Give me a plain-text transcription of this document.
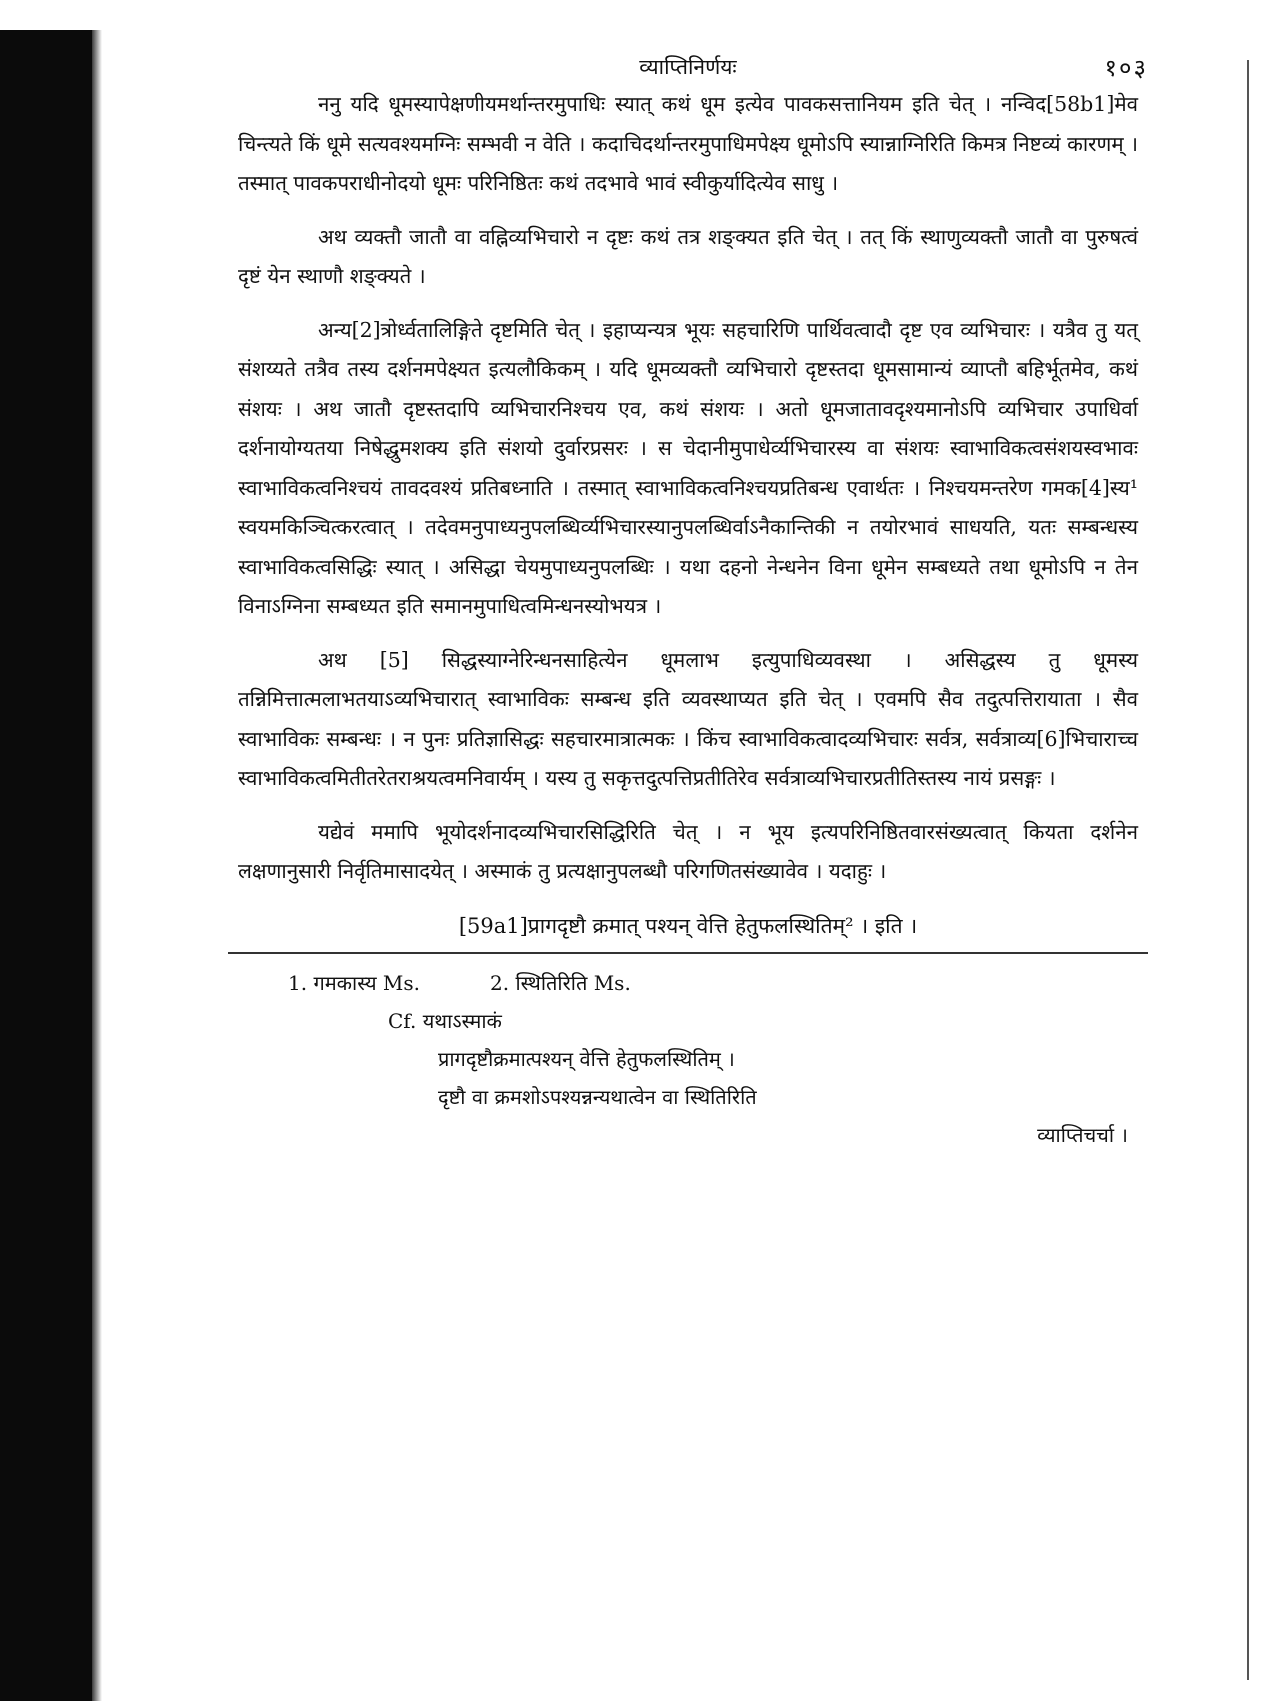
व्याप्तिनिर्णयः	१०३

ननु यदि धूमस्यापेक्षणीयमर्थान्तरमुपाधिः स्यात् कथं धूम इत्येव पावकसत्तानियम इति चेत् । नन्विद[58b1]मेव चिन्त्यते किं धूमे सत्यवश्यमग्निः सम्भवी न वेति । कदाचिदर्थान्तरमुपाधिमपेक्ष्य धूमोऽपि स्यान्नाग्निरिति किमत्र निष्टव्यं कारणम् । तस्मात् पावकपराधीनोदयो धूमः परिनिष्ठितः कथं तदभावे भावं स्वीकुर्यादित्येव साधु ।

अथ व्यक्तौ जातौ वा वह्निव्यभिचारो न दृष्टः कथं तत्र शङ्क्यत इति चेत् । तत् किं स्थाणुव्यक्तौ जातौ वा पुरुषत्वं दृष्टं येन स्थाणौ शङ्क्यते ।

अन्य[2]त्रोर्ध्वतालिङ्गिते दृष्टमिति चेत् । इहाप्यन्यत्र भूयः सहचारिणि पार्थिवत्वादौ दृष्ट एव व्यभिचारः । यत्रैव तु यत् संशय्यते तत्रैव तस्य दर्शनमपेक्ष्यत इत्यलौकिकम् । यदि धूमव्यक्तौ व्यभिचारो दृष्टस्तदा धूमसामान्यं व्याप्तौ बहिर्भूतमेव, कथं संशयः । अथ जातौ दृष्टस्तदापि व्यभिचारनिश्चय एव, कथं संशयः । अतो धूमजातावदृश्यमानोऽपि व्यभिचार उपाधिर्वा दर्शनायोग्यतया निषेद्धुमशक्य इति संशयो दुर्वारप्रसरः । स चेदानीमुपाधेर्व्यभिचारस्य वा संशयः स्वाभाविकत्वसंशयस्वभावः स्वाभाविकत्वनिश्चयं तावदवश्यं प्रतिबध्नाति । तस्मात् स्वाभाविकत्वनिश्चयप्रतिबन्ध एवार्थतः । निश्चयमन्तरेण गमक[4]स्य¹ स्वयमकिञ्चित्करत्वात् । तदेवमनुपाध्यनुपलब्धिर्व्यभिचारस्यानुपलब्धिर्वाऽनैकान्तिकी न तयोरभावं साधयति, यतः सम्बन्धस्य स्वाभाविकत्वसिद्धिः स्यात् । असिद्धा चेयमुपाध्यनुपलब्धिः । यथा दहनो नेन्धनेन विना धूमेन सम्बध्यते तथा धूमोऽपि न तेन विनाऽग्निना सम्बध्यत इति समानमुपाधित्वमिन्धनस्योभयत्र ।

अथ [5] सिद्धस्याग्नेरिन्धनसाहित्येन धूमलाभ इत्युपाधिव्यवस्था । असिद्धस्य तु धूमस्य तन्निमित्तात्मलाभतयाऽव्यभिचारात् स्वाभाविकः सम्बन्ध इति व्यवस्थाप्यत इति चेत् । एवमपि सैव तदुत्पत्तिरायाता । सैव स्वाभाविकः सम्बन्धः । न पुनः प्रतिज्ञासिद्धः सहचारमात्रात्मकः । किंच स्वाभाविकत्वादव्यभिचारः सर्वत्र, सर्वत्राव्य[6]भिचाराच्च स्वाभाविकत्वमितीतरेतराश्रयत्वमनिवार्यम् । यस्य तु सकृत्तदुत्पत्तिप्रतीतिरेव सर्वत्राव्यभिचारप्रतीतिस्तस्य नायं प्रसङ्गः ।

यद्येवं ममापि भूयोदर्शनादव्यभिचारसिद्धिरिति चेत् । न भूय इत्यपरिनिष्ठितवारसंख्यत्वात् कियता दर्शनेन लक्षणानुसारी निर्वृतिमासादयेत् । अस्माकं तु प्रत्यक्षानुपलब्धौ परिगणितसंख्यावेव । यदाहुः ।

[59a1]प्रागदृष्टौ क्रमात् पश्यन् वेत्ति हेतुफलस्थितिम्² । इति ।
1. गमकास्य Ms.	2. स्थितिरिति Ms.
Cf. यथाऽस्माकं
प्रागदृष्टौक्रमात्पश्यन् वेत्ति हेतुफलस्थितिम् ।
दृष्टौ वा क्रमशोऽपश्यन्नन्यथात्वेन वा स्थितिरिति
व्याप्तिचर्चा ।
